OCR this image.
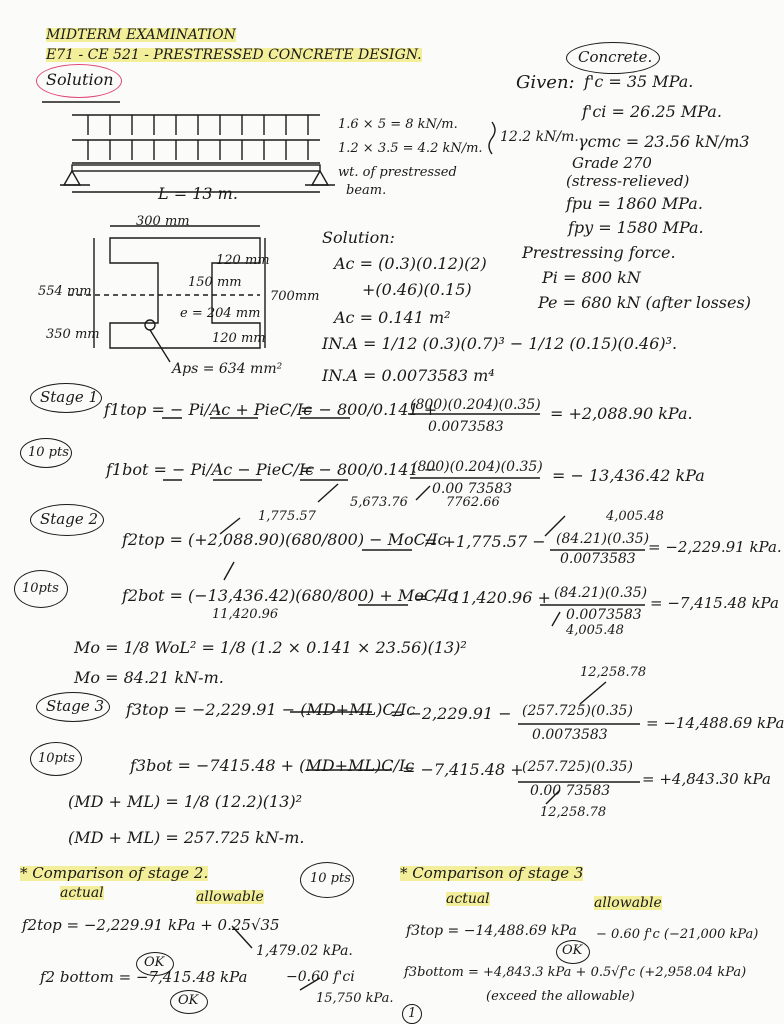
MIDTERM EXAMINATION
E71 - CE 521 - PRESTRESSED CONCRETE DESIGN.
Solution
Concrete.
Given: f'c = 35 MPa.
f'ci = 26.25 MPa.
γcmc = 23.56 kN/m3
Grade 270
(stress-relieved)
fpu = 1860 MPa.
fpy = 1580 MPa.
Prestressing force.
Pi = 800 kN
Pe = 680 kN (after losses)
1.6 × 5 = 8 kN/m.
1.2 × 3.5 = 4.2 kN/m.
12.2 kN/m.
wt. of prestressed
beam.
L = 13 m.
300 mm
120 mm
150 mm
700mm
554 mm
e = 204 mm
350 mm	120 mm
Aps = 634 mm²
Solution:
Ac = (0.3)(0.12)(2)
+(0.46)(0.15)
Ac = 0.141 m²
IN.A = 1/12 (0.3)(0.7)³ − 1/12 (0.15)(0.46)³.
IN.A = 0.0073583 m⁴
Stage 1
10 pts
f1top = − Pi/Ac + PieC/Ic
= − 800/0.141 +
(800)(0.204)(0.35)
0.0073583
= +2,088.90 kPa.
f1bot = − Pi/Ac − PieC/Ic
= − 800/0.141 −
(800)(0.204)(0.35)
0.00 73583
= − 13,436.42 kPa
5,673.76	7762.66
Stage 2
10pts
f2top = (+2,088.90)(680/800) − MoC/Ic
= +1,775.57 − (84.21)(0.35)
0.0073583
= −2,229.91 kPa.
f2bot = (−13,436.42)(680/800) + MoC/Ic
= − 11,420.96 + (84.21)(0.35)
0.0073583
= −7,415.48 kPa
1,775.57	4,005.48
11,420.96
4,005.48
Mo = 1/8 WoL² = 1/8 (1.2 × 0.141 × 23.56)(13)²
Mo = 84.21 kN-m.
Stage 3
10pts
f3top = −2,229.91 − (MD+ML)C/Ic
= −2,229.91 − (257.725)(0.35)
0.0073583
= −14,488.69 kPa
f3bot = −7415.48 + (MD+ML)C/Ic
= −7,415.48 +
(257.725)(0.35)
0.00 73583
= +4,843.30 kPa
12,258.78
12,258.78
(MD + ML) = 1/8 (12.2)(13)²
(MD + ML) = 257.725 kN-m.
* Comparison of stage 2.
actual	allowable
10 pts
f2top = −2,229.91 kPa + 0.25√35
1,479.02 kPa.
f2 bottom = −7,415.48 kPa
OK
OK
−0.60 f'ci
15,750 kPa.
* Comparison of stage 3
actual	allowable
f3top = −14,488.69 kPa − 0.60 f'c (−21,000 kPa)
OK
f3bottom = +4,843.3 kPa + 0.5√f'c (+2,958.04 kPa)
(exceed the allowable)
1
